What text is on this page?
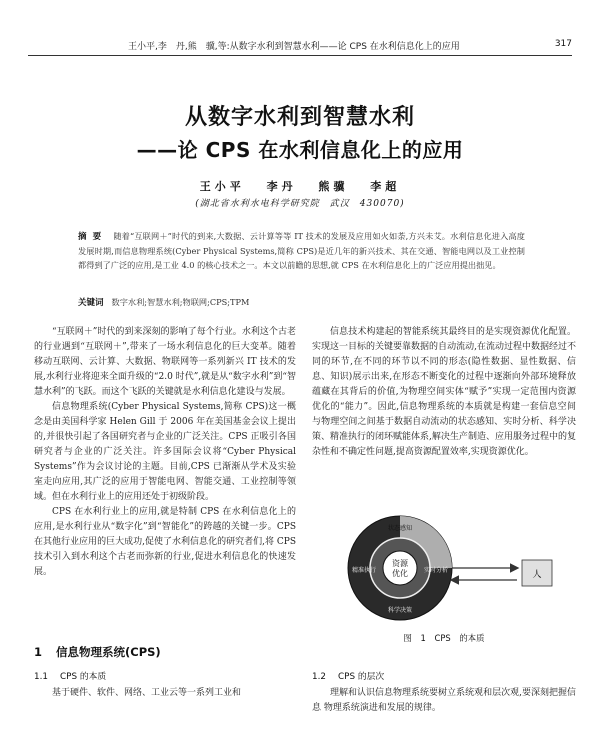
王小平,李　丹,熊　骥,等:从数字水利到智慧水利——论 CPS 在水利信息化上的应用	317
从数字水利到智慧水利
——论 CPS 在水利信息化上的应用
王小平 李丹 熊骥 李超
(湖北省水利水电科学研究院　武汉　430070)
摘要 随着“互联网＋”时代的到来,大数据、云计算等等 IT 技术的发展及应用如火如荼,方兴未艾。水利信息化进入高度发展时期,而信息物理系统(Cyber Physical Systems,简称 CPS)是近几年的新兴技术、其在交通、智能电网以及工业控制都得到了广泛的应用,是工业 4.0 的核心技术之一。本文以前瞻的思想,就 CPS 在水利信息化上的广泛应用提出拙见。
关键词 数字水利;智慧水利;物联网;CPS;TPM

“互联网＋”时代的到来深刻的影响了每个行业。水利这个古老的行业遇到“互联网＋”,带来了一场水利信息化的巨大变革。随着移动互联网、云计算、大数据、物联网等一系列新兴 IT 技术的发展,水利行业将迎来全面升级的“2.0 时代”,就是从“数字水利”到“智慧水利”的飞跃。而这个飞跃的关键就是水利信息化建设与发展。

信息物理系统(Cyber Physical Systems,简称 CPS)这一概念是由美国科学家 Helen Gill 于 2006 年在美国基金会议上提出的,并很快引起了各国研究者与企业的广泛关注。CPS 正吸引各国研究者与企业的广泛关注。许多国际会议将“Cyber Physical Systems”作为会议讨论的主题。目前,CPS 已渐渐从学术及实验室走向应用,其广泛的应用于智能电网、智能交通、工业控制等领域。但在水利行业上的应用还处于初级阶段。

CPS 在水利行业上的应用,就是特制 CPS 在水利信息化上的应用,是水利行业从“数字化”到“智能化”的跨越的关键一步。CPS 在其他行业应用的巨大成功,促使了水利信息化的研究者们,将 CPS 技术引入到水利这个古老而弥新的行业,促进水利信息化的快速发展。

信息技术构建起的智能系统其最终目的是实现资源优化配置。实现这一目标的关键要靠数据的自动流动,在流动过程中数据经过不同的环节,在不同的环节以不同的形态(隐性数据、显性数据、信息、知识)展示出来,在形态不断变化的过程中逐渐向外部环境释放蕴藏在其背后的价值,为物理空间实体“赋予”实现一定范围内资源优化的“能力”。因此,信息物理系统的本质就是构建一套信息空间与物理空间之间基于数据自动流动的状态感知、实时分析、科学决策、精准执行的闭环赋能体系,解决生产制造、应用服务过程中的复杂性和不确定性问题,提高资源配置效率,实现资源优化。

资源
优化
状态感知
实时分析
科学决策
精准执行	人
图 1 CPS 的本质
1 信息物理系统(CPS)
1.1 CPS 的本质
基于硬件、软件、网络、工业云等一系列工业和
1.2 CPS 的层次
理解和认识信息物理系统要树立系统观和层次观,要深刻把握信息 物理系统演进和发展的规律。
